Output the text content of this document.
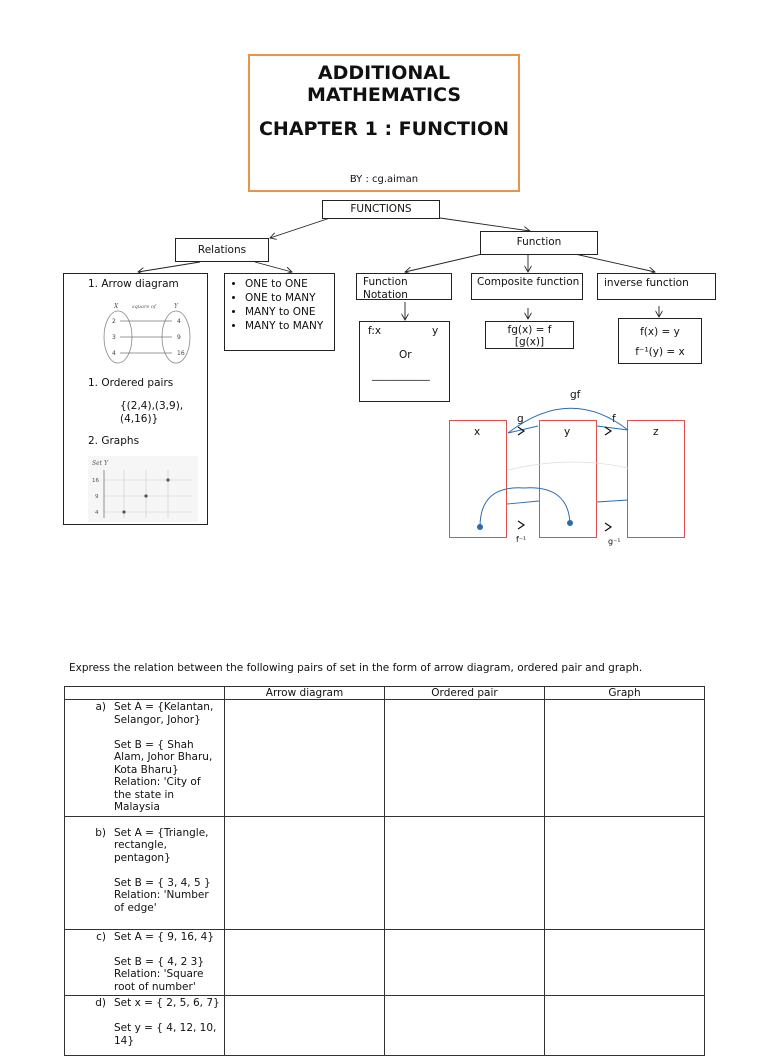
ADDITIONAL
MATHEMATICS
CHAPTER 1 : FUNCTION
BY : cg.aiman
FUNCTIONS
Relations
Function
1. Arrow diagram
X	square of	Y
2
3
4
4
9
16
1. Ordered pairs
{(2,4),(3,9),
(4,16)}
2. Graphs
Set Y
16
9
4
• ONE to ONE
• ONE to MANY
• MANY to ONE
• MANY to MANY
Function Notation
Composite function	inverse function
f:x	y
Or
___________
fg(x) = f [g(x)]
f(x) = y
f⁻¹(y) = x
x	y	z
gf
g	f
f⁻¹	g⁻¹
Express the relation between the following pairs of set in the form of arrow diagram, ordered pair and graph.
	Arrow diagram	Ordered pair	Graph

a) Set A = {Kelantan, Selangor, Johor}

Set B = { Shah Alam, Johor Bharu, Kota Bharu}
Relation: 'City of the state in Malaysia			

b) Set A = {Triangle, rectangle, pentagon}

Set B = { 3, 4, 5 }
Relation: 'Number of edge'			

c) Set A = { 9, 16, 4}

Set B = { 4, 2 3}
Relation: 'Square root of number'			

d) Set x = { 2, 5, 6, 7}

Set y = { 4, 12, 10, 14}			
